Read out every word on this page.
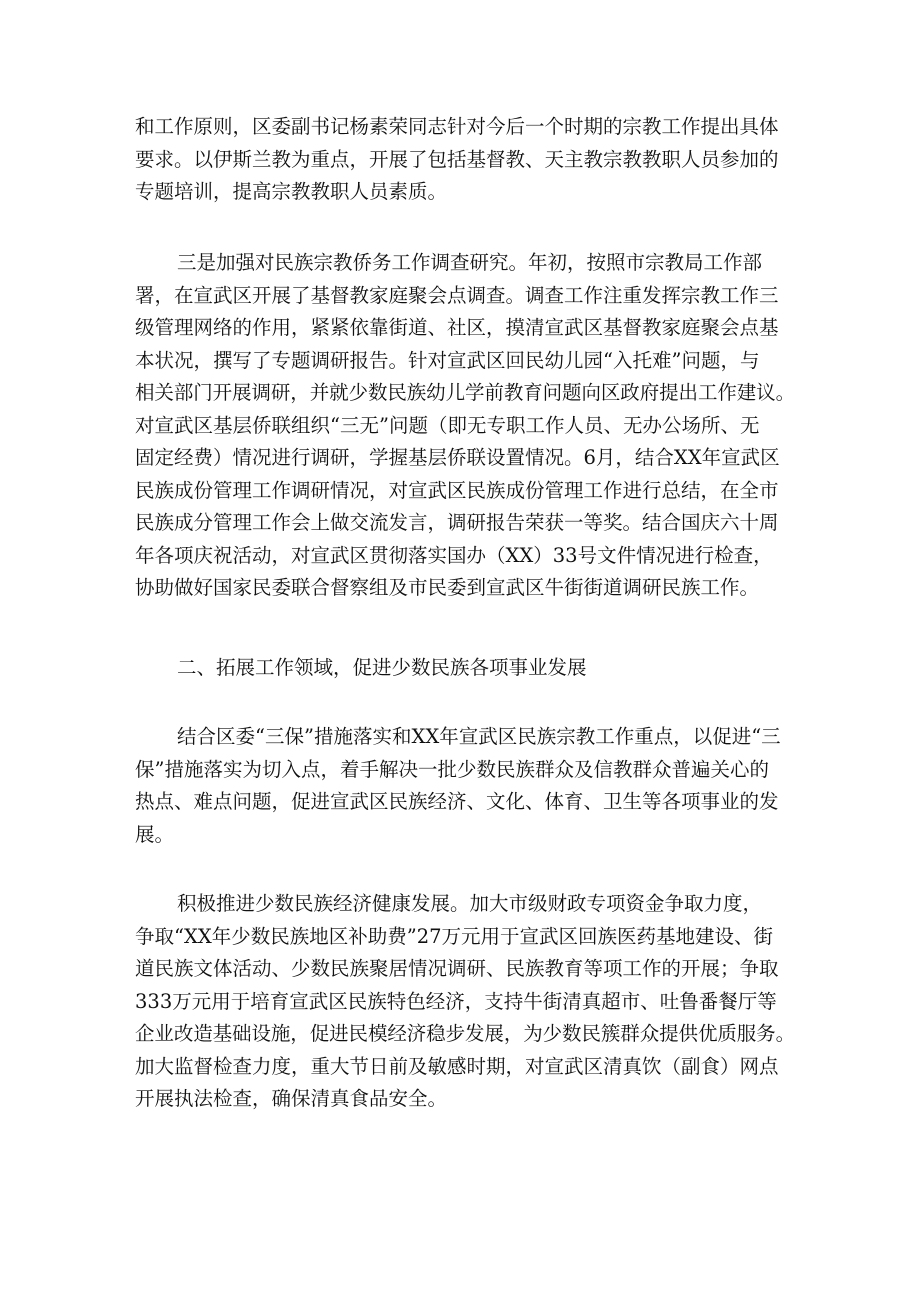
和工作原则，区委副书记杨素荣同志针对今后一个时期的宗教工作提出具体
要求。以伊斯兰教为重点，开展了包括基督教、天主教宗教教职人员参加的
专题培训，提高宗教教职人员素质。
三是加强对民族宗教侨务工作调查研究。年初，按照市宗教局工作部
署，在宣武区开展了基督教家庭聚会点调查。调查工作注重发挥宗教工作三
级管理网络的作用，紧紧依靠街道、社区，摸清宣武区基督教家庭聚会点基
本状况，撰写了专题调研报告。针对宣武区回民幼儿园“入托难”问题，与
相关部门开展调研，并就少数民族幼儿学前教育问题向区政府提出工作建议。
对宣武区基层侨联组织“三无”问题（即无专职工作人员、无办公场所、无
固定经费）情况进行调研，学握基层侨联设置情况。6月，结合XX年宣武区
民族成份管理工作调研情况，对宣武区民族成份管理工作进行总结，在全市
民族成分管理工作会上做交流发言，调研报告荣获一等奖。结合国庆六十周
年各项庆祝活动，对宣武区贯彻落实国办（XX）33号文件情况进行检查，
协助做好国家民委联合督察组及市民委到宣武区牛街街道调研民族工作。
二、拓展工作领域，促进少数民族各项事业发展
结合区委“三保”措施落实和XX年宣武区民族宗教工作重点，以促进“三
保”措施落实为切入点，着手解决一批少数民族群众及信教群众普遍关心的
热点、难点问题，促进宣武区民族经济、文化、体育、卫生等各项事业的发
展。
积极推进少数民族经济健康发展。加大市级财政专项资金争取力度，
争取“XX年少数民族地区补助费”27万元用于宣武区回族医药基地建设、街
道民族文体活动、少数民族聚居情况调研、民族教育等项工作的开展；争取
333万元用于培育宣武区民族特色经济，支持牛街清真超市、吐鲁番餐厅等
企业改造基础设施，促进民模经济稳步发展，为少数民簇群众提供优质服务。
加大监督检查力度，重大节日前及敏感时期，对宣武区清真饮（副食）网点
开展执法检查，确保清真食品安全。
